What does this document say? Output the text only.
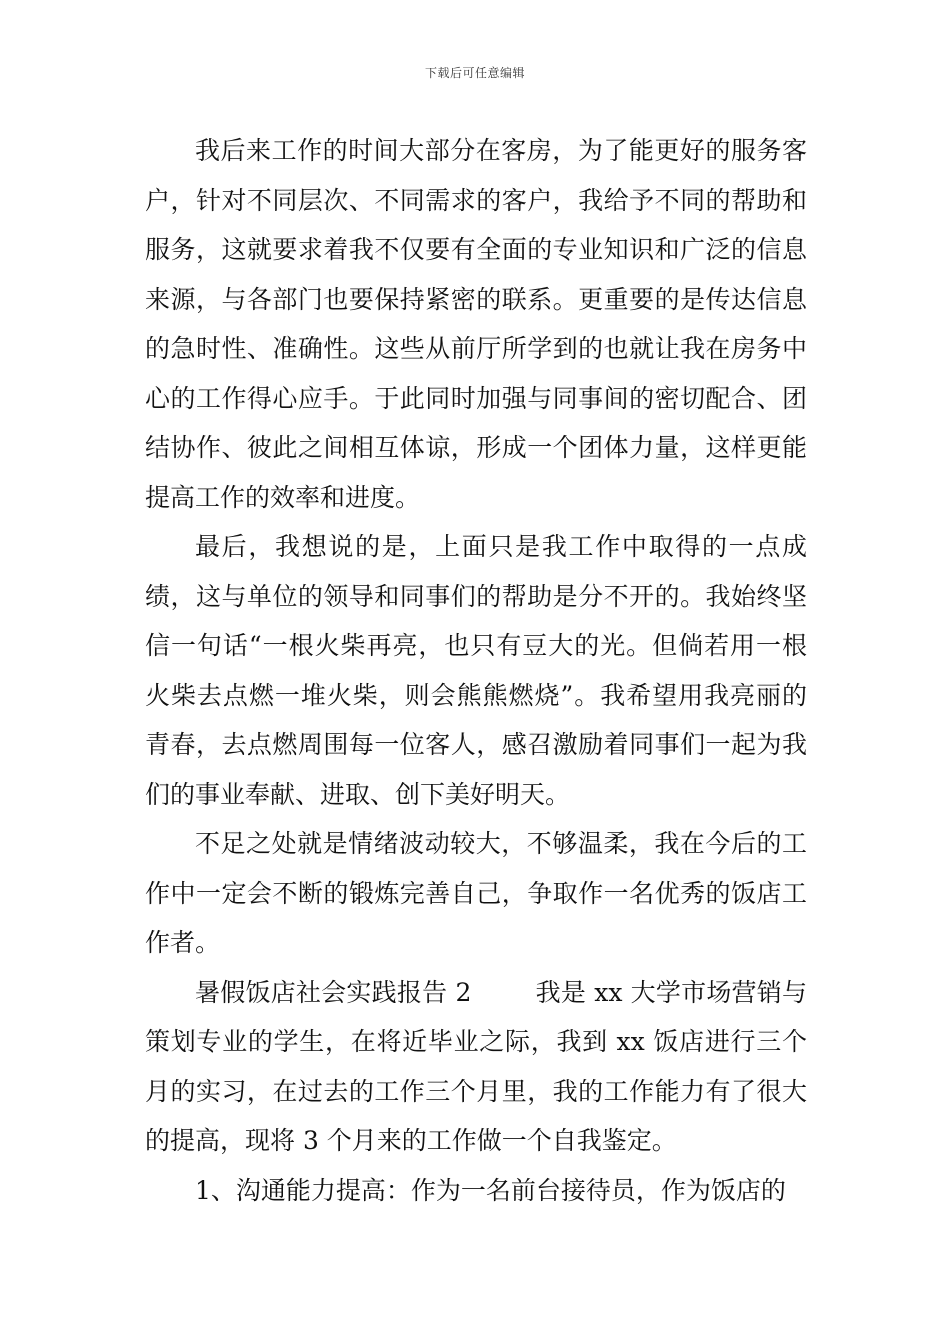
下载后可任意编辑

我后来工作的时间大部分在客房，为了能更好的服务客户，针对不同层次、不同需求的客户，我给予不同的帮助和服务，这就要求着我不仅要有全面的专业知识和广泛的信息来源，与各部门也要保持紧密的联系。更重要的是传达信息的急时性、准确性。这些从前厅所学到的也就让我在房务中心的工作得心应手。于此同时加强与同事间的密切配合、团结协作、彼此之间相互体谅，形成一个团体力量，这样更能提高工作的效率和进度。

最后，我想说的是，上面只是我工作中取得的一点成绩，这与单位的领导和同事们的帮助是分不开的。我始终坚信一句话“一根火柴再亮，也只有豆大的光。但倘若用一根火柴去点燃一堆火柴，则会熊熊燃烧”。我希望用我亮丽的青春，去点燃周围每一位客人，感召激励着同事们一起为我们的事业奉献、进取、创下美好明天。

不足之处就是情绪波动较大，不够温柔，我在今后的工作中一定会不断的锻炼完善自己，争取作一名优秀的饭店工作者。

暑假饭店社会实践报告 2	我是 xx 大学市场营销与策划专业的学生，在将近毕业之际，我到 xx 饭店进行三个月的实习，在过去的工作三个月里，我的工作能力有了很大的提高，现将 3 个月来的工作做一个自我鉴定。

1、沟通能力提高：作为一名前台接待员，作为饭店的
